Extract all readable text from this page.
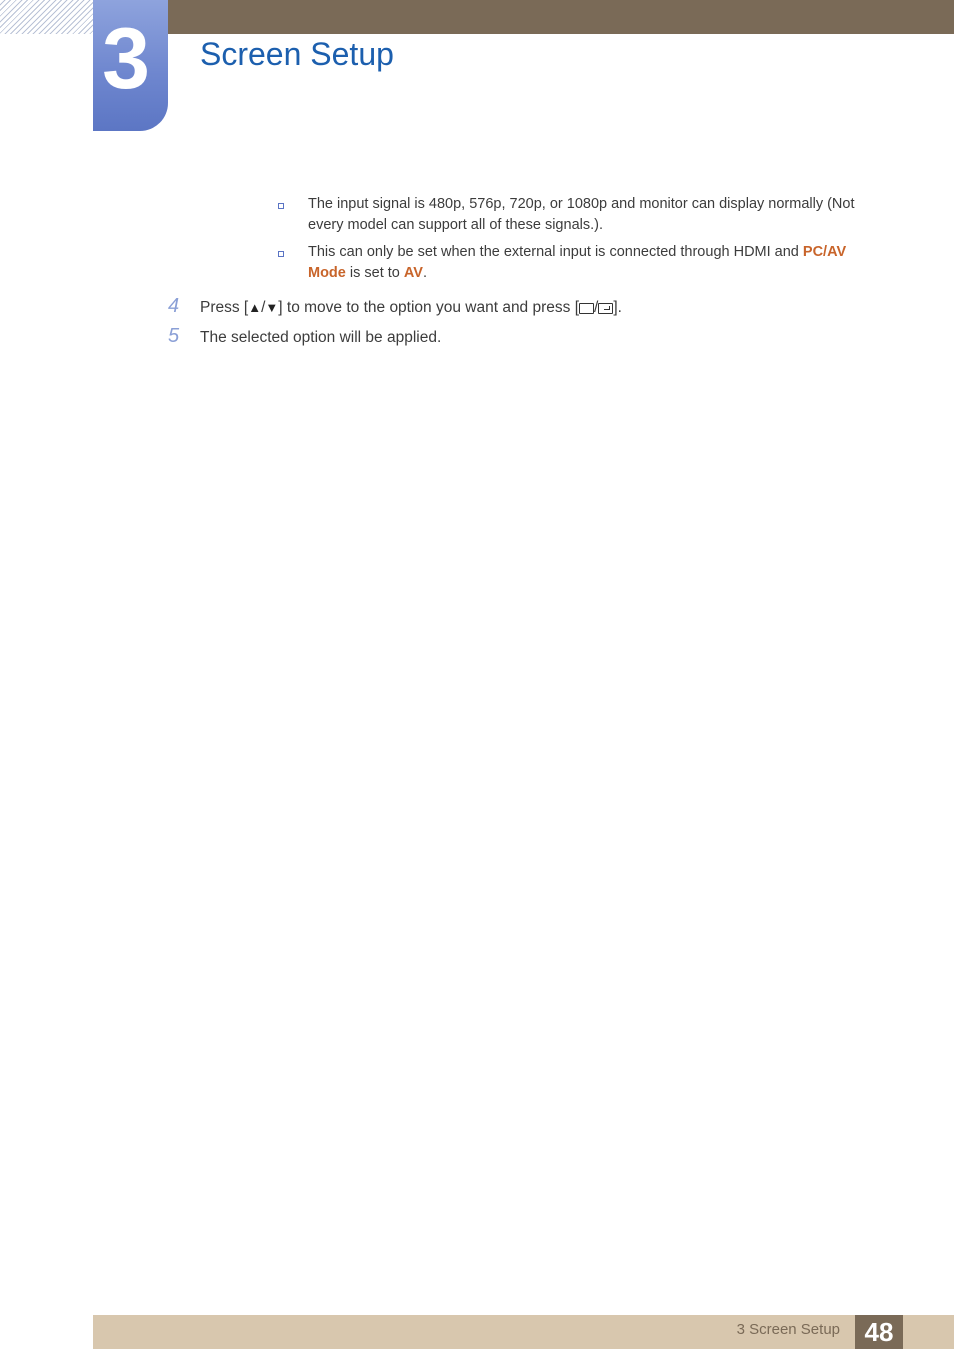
3 Screen Setup
The input signal is 480p, 576p, 720p, or 1080p and monitor can display normally (Not every model can support all of these signals.).
This can only be set when the external input is connected through HDMI and PC/AV Mode is set to AV.
4	Press [▲/▼] to move to the option you want and press [ / ].
5	The selected option will be applied.
3 Screen Setup 48
